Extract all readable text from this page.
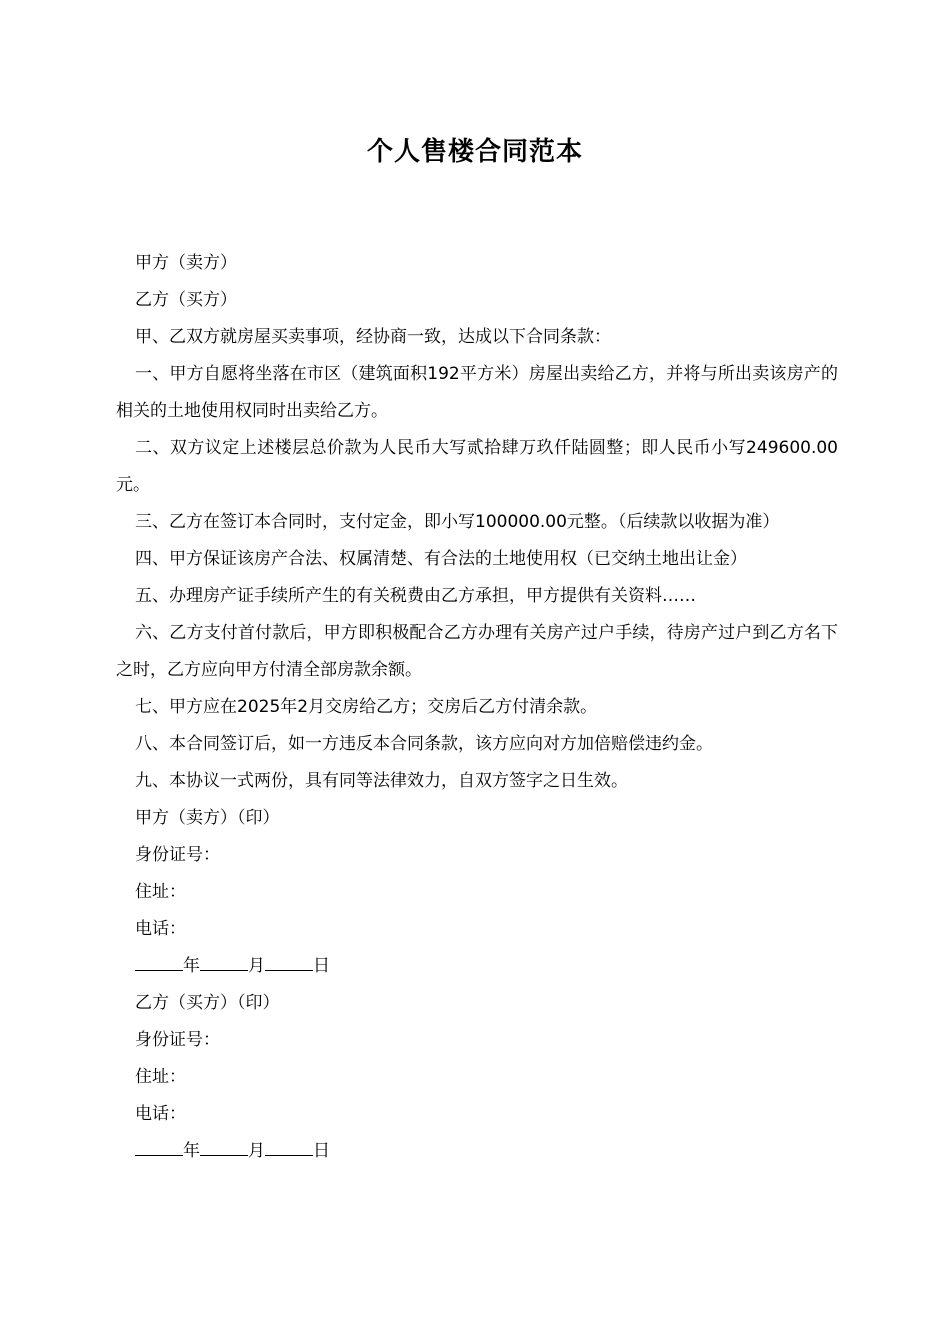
个人售楼合同范本

甲方（卖方）

乙方（买方）

甲、乙双方就房屋买卖事项，经协商一致，达成以下合同条款：

一、甲方自愿将坐落在市区（建筑面积192平方米）房屋出卖给乙方，并将与所出卖该房产的相关的土地使用权同时出卖给乙方。

二、双方议定上述楼层总价款为人民币大写贰拾肆万玖仟陆圆整；即人民币小写249600.00元。

三、乙方在签订本合同时，支付定金，即小写100000.00元整。（后续款以收据为准）

四、甲方保证该房产合法、权属清楚、有合法的土地使用权（已交纳土地出让金）

五、办理房产证手续所产生的有关税费由乙方承担，甲方提供有关资料……

六、乙方支付首付款后，甲方即积极配合乙方办理有关房产过户手续，待房产过户到乙方名下之时，乙方应向甲方付清全部房款余额。

七、甲方应在2025年2月交房给乙方；交房后乙方付清余款。

八、本合同签订后，如一方违反本合同条款，该方应向对方加倍赔偿违约金。

九、本协议一式两份，具有同等法律效力，自双方签字之日生效。

甲方（卖方）（印）

身份证号：

住址：

电话：

年	月	日

乙方（买方）（印）

身份证号：

住址：

电话：

年	月	日
